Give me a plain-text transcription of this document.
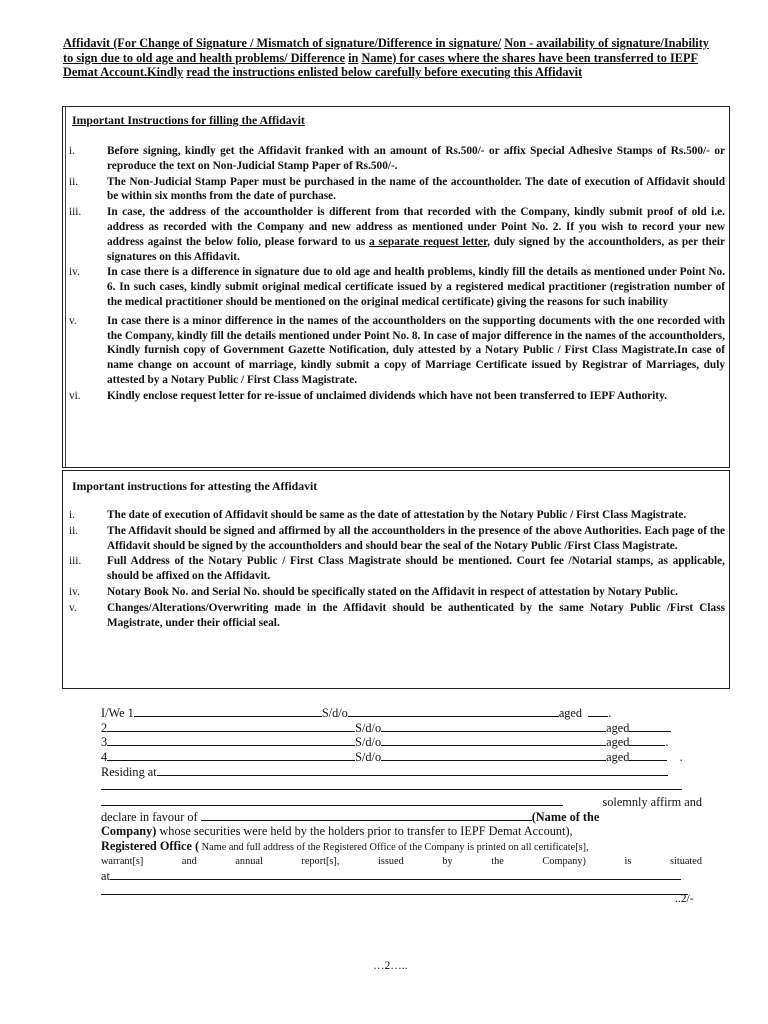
Affidavit (For Change of Signature / Mismatch of signature/Difference in signature/ Non - availability of signature/Inability to sign due to old age and health problems/ Difference in Name) for cases where the shares have been transferred to IEPF Demat Account.Kindly read the instructions enlisted below carefully before executing this Affidavit
Important Instructions for filling the Affidavit
i.	Before signing, kindly get the Affidavit franked with an amount of Rs.500/- or affix Special Adhesive Stamps of Rs.500/- or reproduce the text on Non-Judicial Stamp Paper of Rs.500/-.
ii.	The Non-Judicial Stamp Paper must be purchased in the name of the accountholder. The date of execution of Affidavit should be within six months from the date of purchase.
iii. In case, the address of the accountholder is different from that recorded with the Company, kindly submit proof of old i.e. address as recorded with the Company and new address as mentioned under Point No. 2. If you wish to record your new address against the below folio, please forward to us a separate request letter, duly signed by the accountholders, as per their signatures on this Affidavit.
iv. In case there is a difference in signature due to old age and health problems, kindly fill the details as mentioned under Point No. 6. In such cases, kindly submit original medical certificate issued by a registered medical practitioner (registration number of the medical practitioner should be mentioned on the original medical certificate) giving the reasons for such inability
v.	In case there is a minor difference in the names of the accountholders on the supporting documents with the one recorded with the Company, kindly fill the details mentioned under Point No. 8. In case of major difference in the names of the accountholders, Kindly furnish copy of Government Gazette Notification, duly attested by a Notary Public / First Class Magistrate.In case of name change on account of marriage, kindly submit a copy of Marriage Certificate issued by Registrar of Marriages, duly attested by a Notary Public / First Class Magistrate.
vi. Kindly enclose request letter for re-issue of unclaimed dividends which have not been transferred to IEPF Authority.
Important instructions for attesting the Affidavit
i.	The date of execution of Affidavit should be same as the date of attestation by the Notary Public / First Class Magistrate.
ii.	The Affidavit should be signed and affirmed by all the accountholders in the presence of the above Authorities. Each page of the Affidavit should be signed by the accountholders and should bear the seal of the Notary Public /First Class Magistrate.
iii. Full Address of the Notary Public / First Class Magistrate should be mentioned. Court fee /Notarial stamps, as applicable, should be affixed on the Affidavit.
iv. Notary Book No. and Serial No. should be specifically stated on the Affidavit in respect of attestation by Notary Public.
v.	Changes/Alterations/Overwriting made in the Affidavit should be authenticated by the same Notary Public /First Class Magistrate, under their official seal.
I/We 1	S/d/o	aged .
2	S/d/o	aged
3	S/d/o	aged	.
4	S/d/o	aged	.
Residing at
solemnly affirm and
declare in favour of	(Name of the
Company) whose securities were held by the holders prior to transfer to IEPF Demat Account),
Registered Office ( Name and full address of the Registered Office of the Company is printed on all certificate[s],
warrant[s] and annual report[s], issued by the Company) is situated
at
..2/-
…2…..
